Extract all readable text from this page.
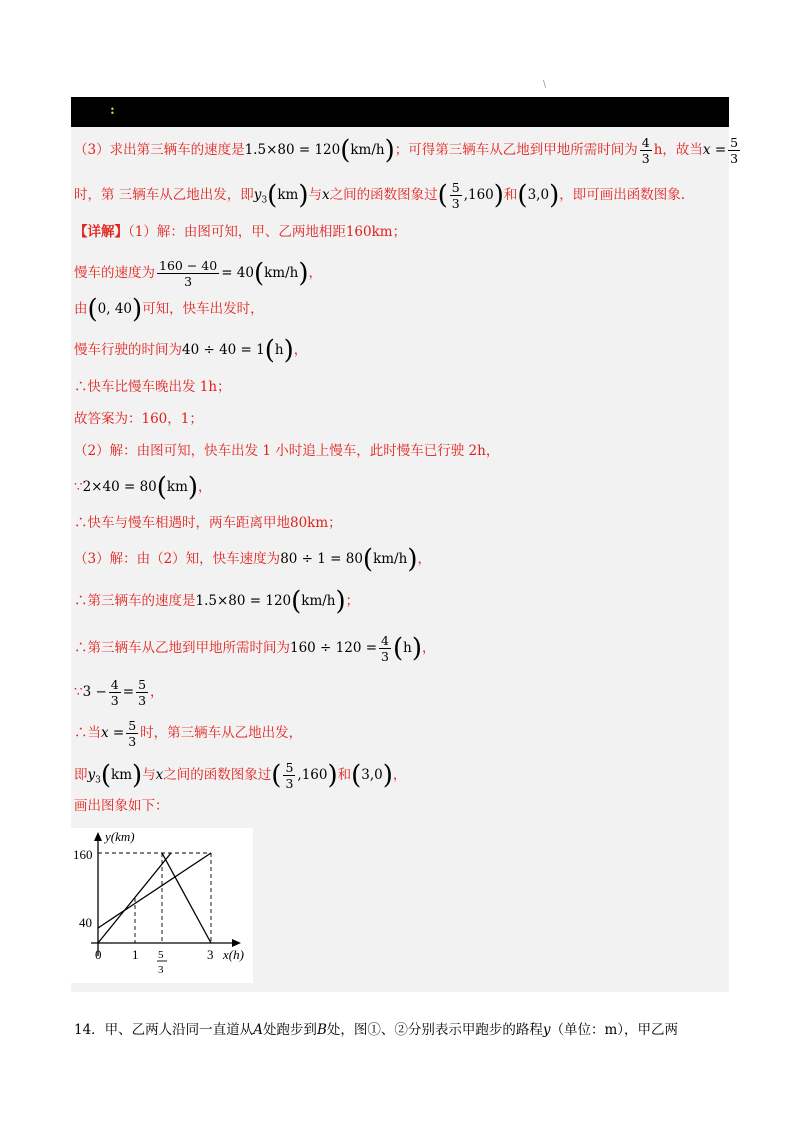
\
:
（3）求出第三辆车的速度是1.5×80 = 120(km/h)；可得第三辆车从乙地到甲地所需时间为 $\frac{4}{3}$ h，故当$x = \frac{5}{3}$
时，第 三辆车从乙地出发，即$y_3(km)$与x之间的函数图象过( $\frac{5}{3} ,160$)和(3,0)，即可画出函数图象.
【详解】（1）解：由图可知，甲、乙两地相距160km；
慢车的速度为 $\frac{160 - 40}{3} = 40(km/h)$，
由(0, 40)可知，快车出发时，
慢车行驶的时间为40 ÷ 40 = 1(h)，
∴快车比慢车晚出发 1h；
故答案为：160，1；
（2）解：由图可知，快车出发 1 小时追上慢车，此时慢车已行驶 2h，
∵2×40 = 80(km)，
∴快车与慢车相遇时，两车距离甲地80km；
（3）解：由（2）知，快车速度为80 ÷ 1 = 80(km/h)，
∴第三辆车的速度是1.5×80 = 120(km/h)；
∴第三辆车从乙地到甲地所需时间为$160 \div 120 = \frac{4}{3} (h)$，
∵3 − $\frac{4}{3} = \frac{5}{3}$ ，
∴当$x = \frac{5}{3}$ 时，第三辆车从乙地出发，
即$y_3(km)$与x之间的函数图象过( $\frac{5}{3} ,160$)和(3,0)，
画出图象如下：
y(km)
x(h)
160
40
0 1	3
5
3
14．甲、乙两人沿同一直道从A处跑步到B处，图①、②分别表示甲跑步的路程y（单位：m），甲乙两
